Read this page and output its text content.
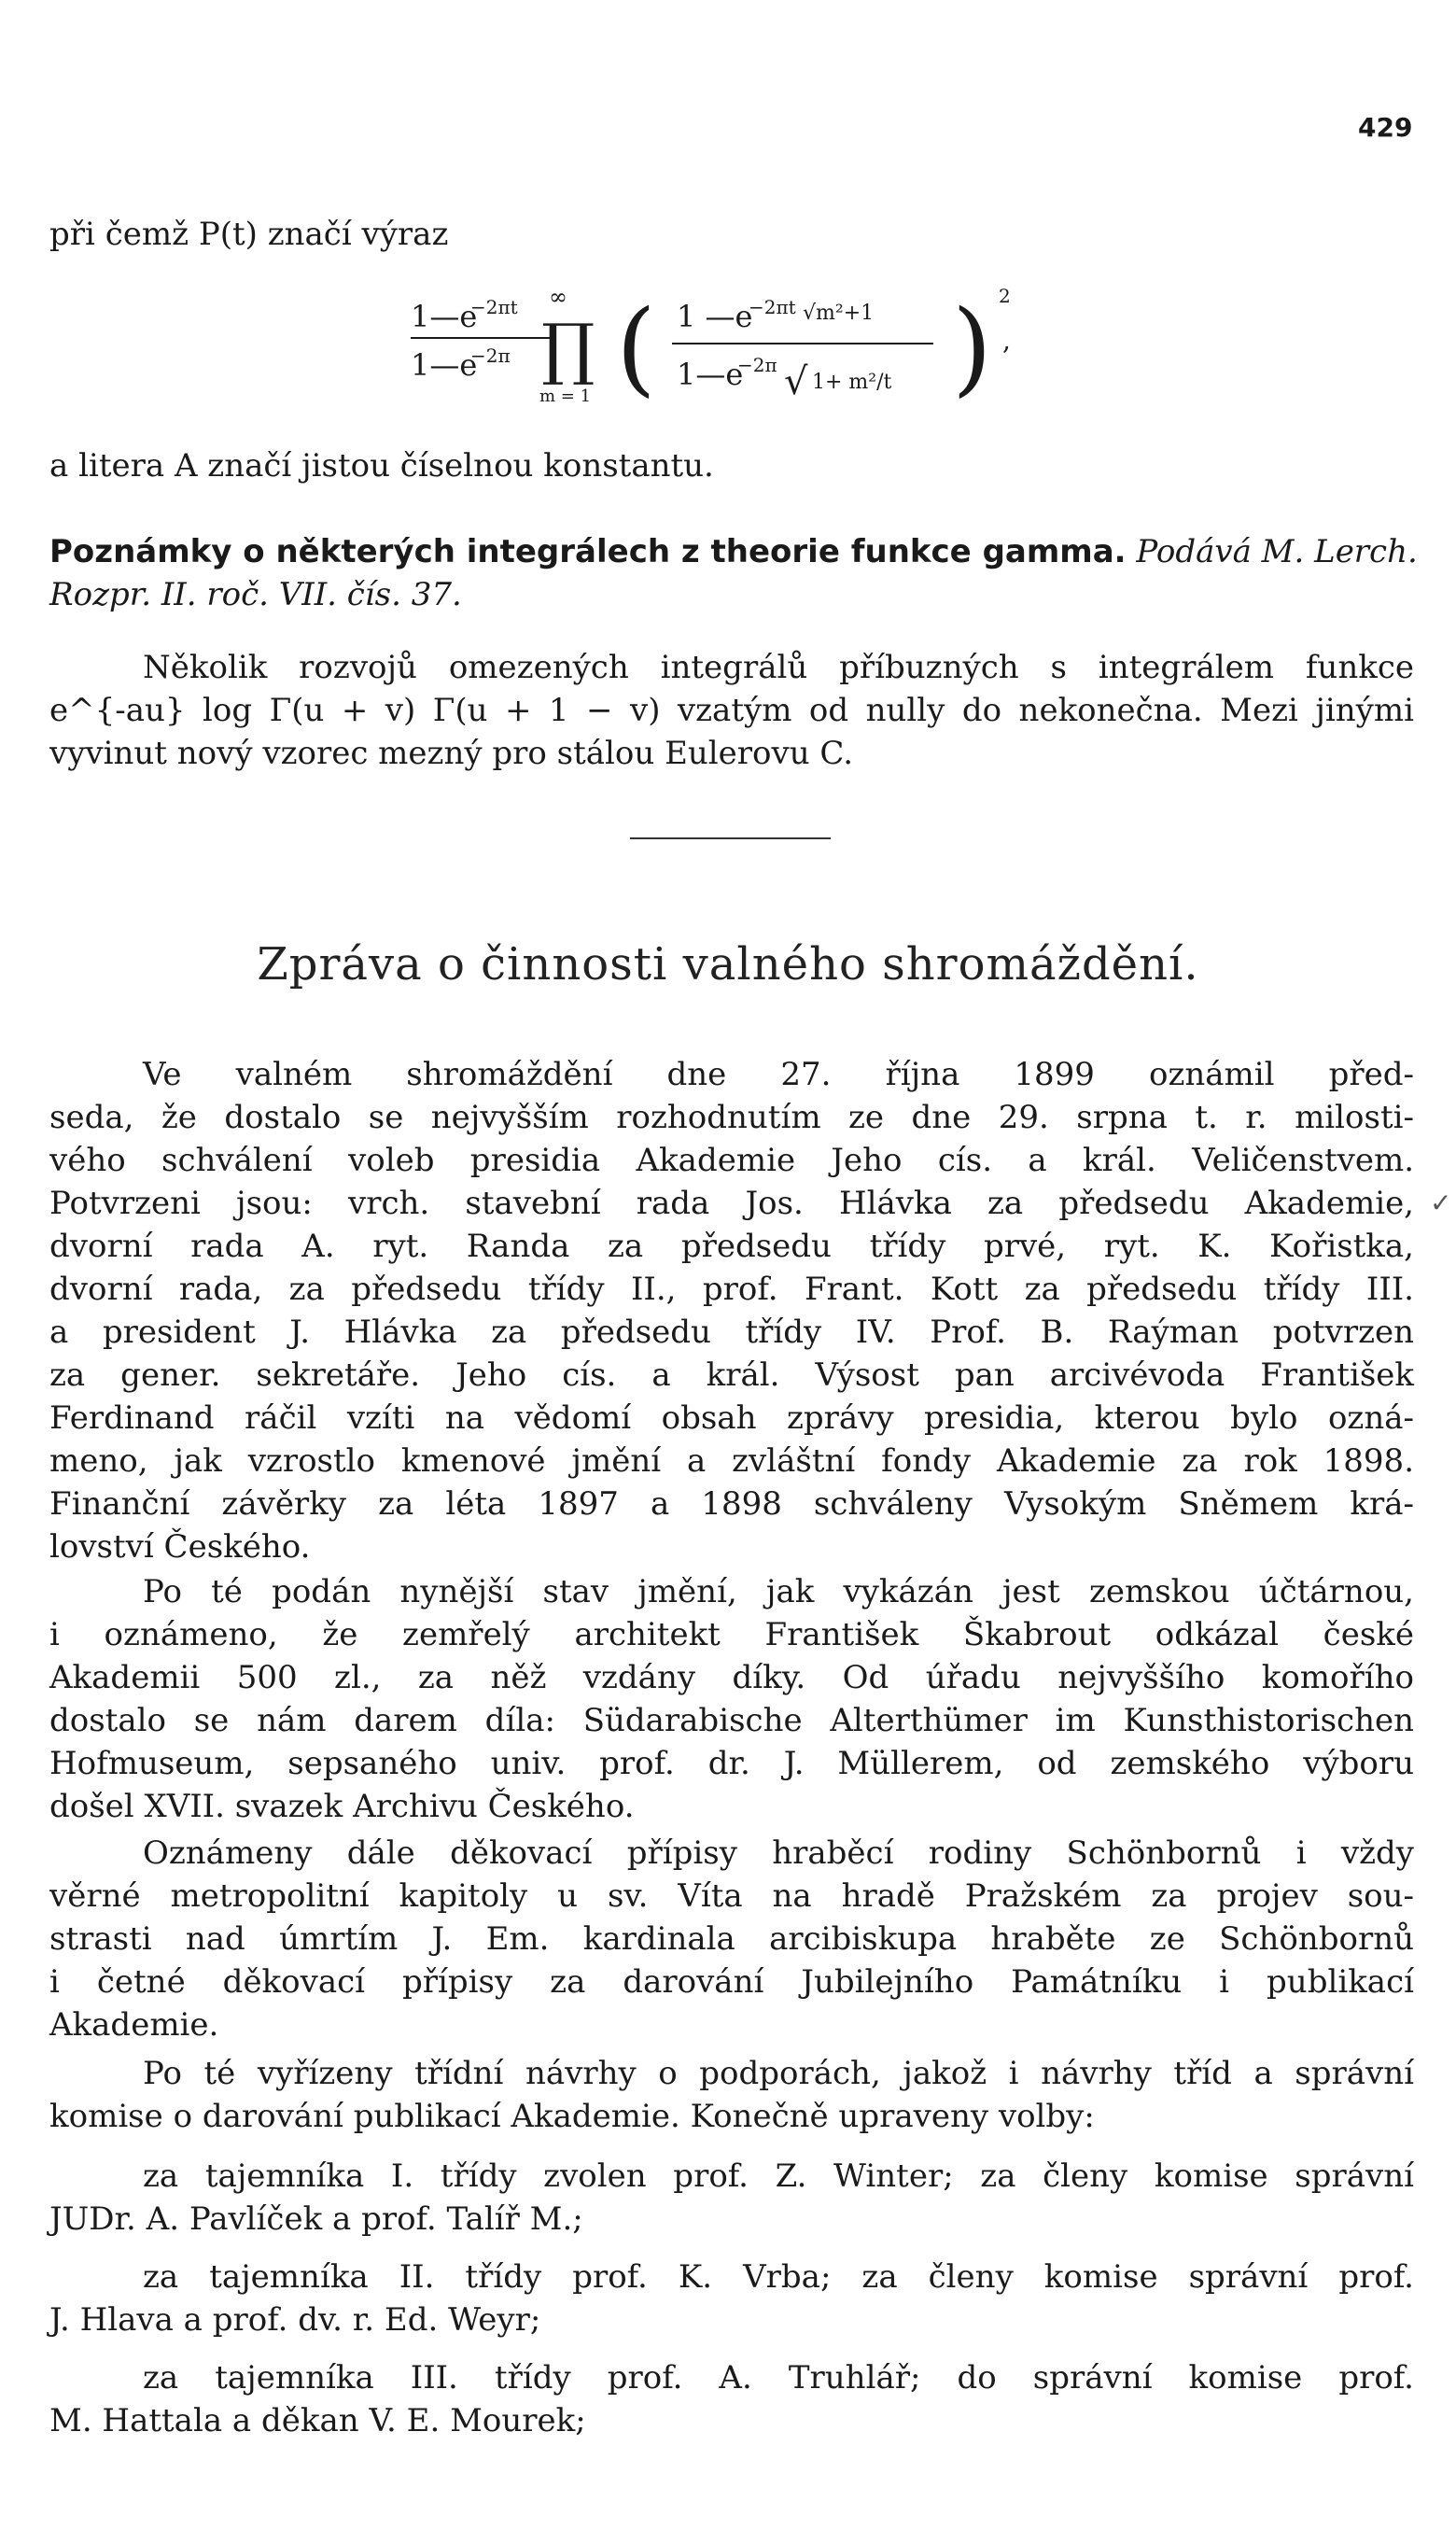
429
při čemž P(t) značí výraz
1—e
−2πt
1—e
−2π
∞
∏
m = 1 ( 1 —e
−2πt √m²+1
1—e
−2π √ 1+ m²/t ) 2
,
a litera A značí jistou číselnou konstantu.
Poznámky o některých integrálech z theorie funkce gamma. Podává M. Lerch.
Rozpr. II. roč. VII. čís. 37.
Několik rozvojů omezených integrálů příbuzných s integrálem funkce
e^{-au} log Γ(u + v) Γ(u + 1 − v) vzatým od nully do nekonečna. Mezi jinými
vyvinut nový vzorec mezný pro stálou Eulerovu C.
Zpráva o činnosti valného shromáždění.
Ve valném shromáždění dne 27. října 1899 oznámil před-
seda, že dostalo se nejvyšším rozhodnutím ze dne 29. srpna t. r. milosti-
vého schválení voleb presidia Akademie Jeho cís. a král. Veličenstvem.
Potvrzeni jsou: vrch. stavební rada Jos. Hlávka za předsedu Akademie,
dvorní rada A. ryt. Randa za předsedu třídy prvé, ryt. K. Kořistka,
dvorní rada, za předsedu třídy II., prof. Frant. Kott za předsedu třídy III.
a president J. Hlávka za předsedu třídy IV. Prof. B. Raýman potvrzen
za gener. sekretáře. Jeho cís. a král. Výsost pan arcivévoda František
Ferdinand ráčil vzíti na vědomí obsah zprávy presidia, kterou bylo ozná-
meno, jak vzrostlo kmenové jmění a zvláštní fondy Akademie za rok 1898.
Finanční závěrky za léta 1897 a 1898 schváleny Vysokým Sněmem krá-
lovství Českého.
Po té podán nynější stav jmění, jak vykázán jest zemskou účtárnou,
i oznámeno, že zemřelý architekt František Škabrout odkázal české
Akademii 500 zl., za něž vzdány díky. Od úřadu nejvyššího komořího
dostalo se nám darem díla: Südarabische Alterthümer im Kunsthistorischen
Hofmuseum, sepsaného univ. prof. dr. J. Müllerem, od zemského výboru
došel XVII. svazek Archivu Českého.
Oznámeny dále děkovací přípisy hraběcí rodiny Schönbornů i vždy
věrné metropolitní kapitoly u sv. Víta na hradě Pražském za projev sou-
strasti nad úmrtím J. Em. kardinala arcibiskupa hraběte ze Schönbornů
i četné děkovací přípisy za darování Jubilejního Památníku i publikací
Akademie.
Po té vyřízeny třídní návrhy o podporách, jakož i návrhy tříd a správní
komise o darování publikací Akademie. Konečně upraveny volby:
za tajemníka I. třídy zvolen prof. Z. Winter; za členy komise správní
JUDr. A. Pavlíček a prof. Talíř M.;
za tajemníka II. třídy prof. K. Vrba; za členy komise správní prof.
J. Hlava a prof. dv. r. Ed. Weyr;
za tajemníka III. třídy prof. A. Truhlář; do správní komise prof.
M. Hattala a děkan V. E. Mourek;
✓
